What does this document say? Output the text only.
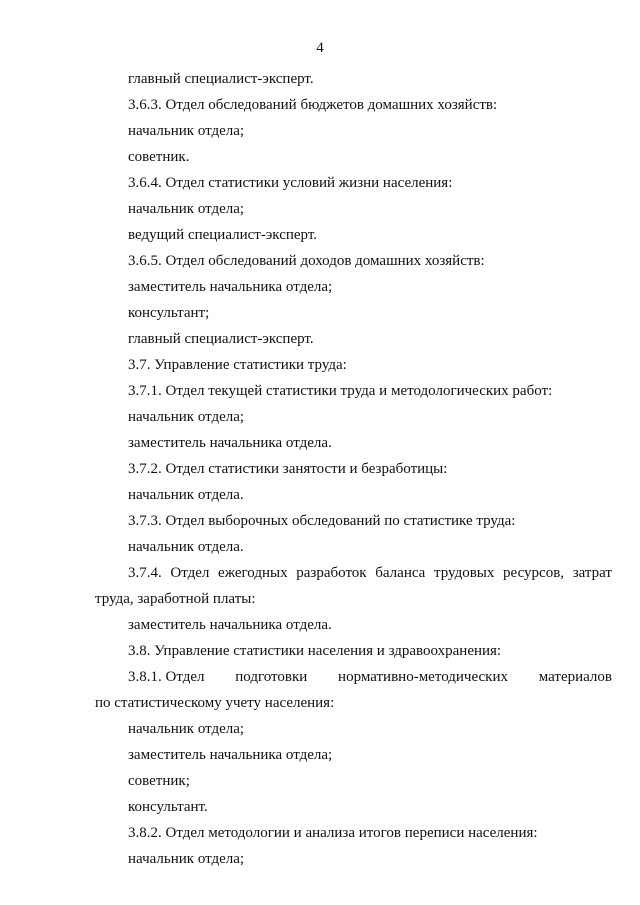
4
главный специалист-эксперт.
3.6.3. Отдел обследований бюджетов домашних хозяйств:
начальник отдела;
советник.
3.6.4. Отдел статистики условий жизни населения:
начальник отдела;
ведущий специалист-эксперт.
3.6.5. Отдел обследований доходов домашних хозяйств:
заместитель начальника отдела;
консультант;
главный специалист-эксперт.
3.7. Управление статистики труда:
3.7.1. Отдел текущей статистики труда и методологических работ:
начальник отдела;
заместитель начальника отдела.
3.7.2. Отдел статистики занятости и безработицы:
начальник отдела.
3.7.3. Отдел выборочных обследований по статистике труда:
начальник отдела.
3.7.4. Отдел ежегодных разработок баланса трудовых ресурсов, затрат
труда, заработной платы:
заместитель начальника отдела.
3.8. Управление статистики населения и здравоохранения:
3.8.1. Отдел подготовки нормативно-методических материалов
по статистическому учету населения:
начальник отдела;
заместитель начальника отдела;
советник;
консультант.
3.8.2. Отдел методологии и анализа итогов переписи населения:
начальник отдела;
